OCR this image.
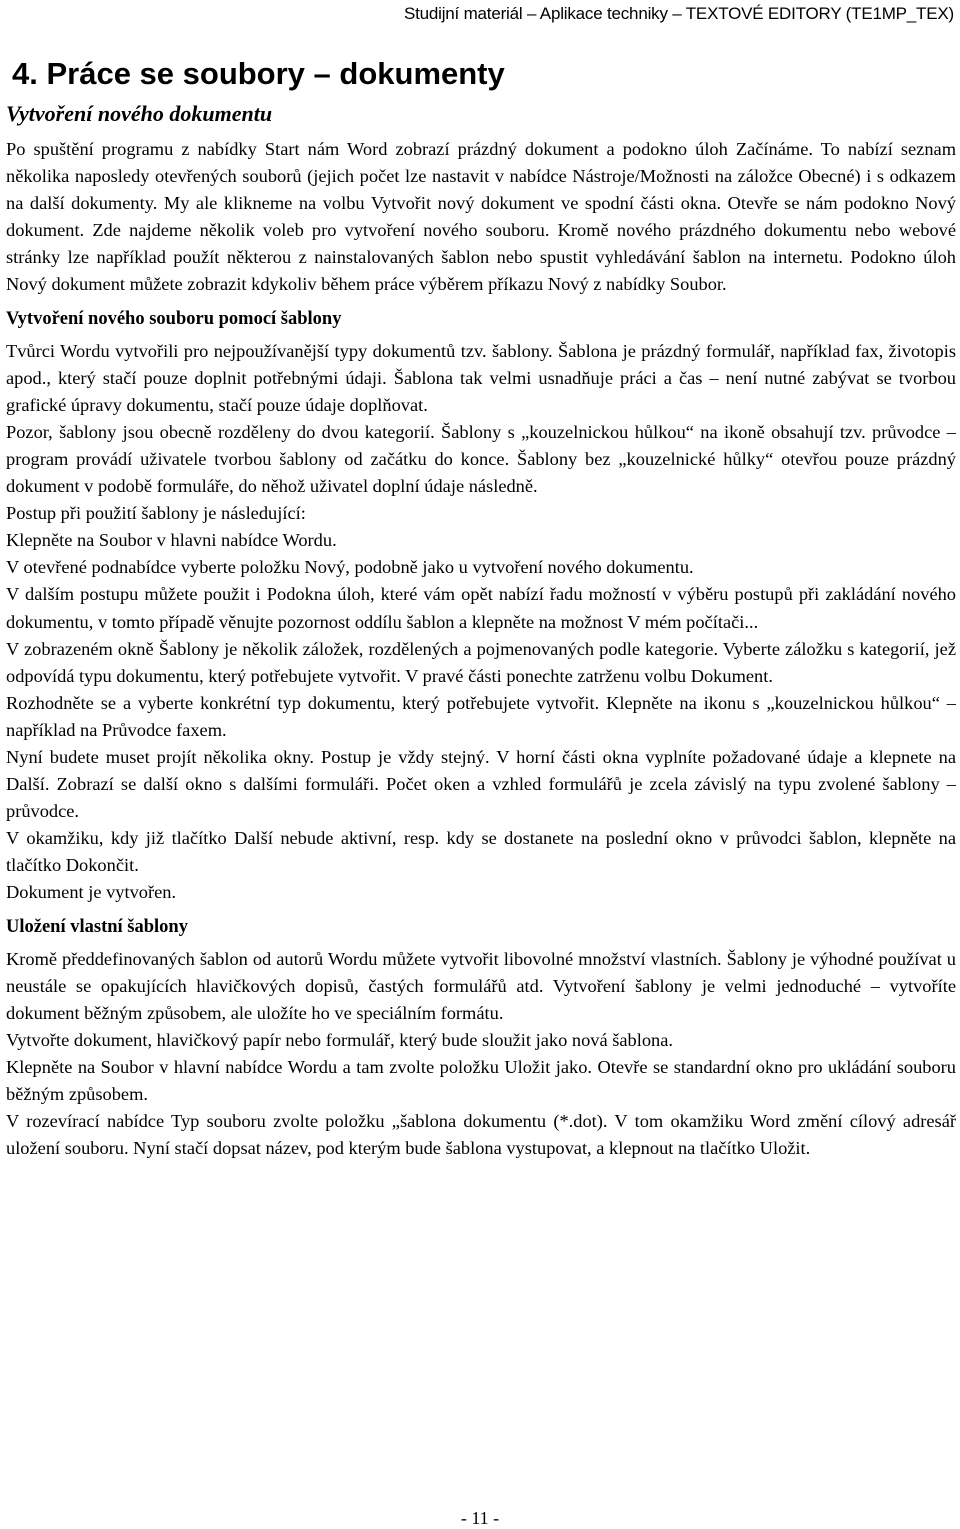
Studijní materiál – Aplikace techniky – TEXTOVÉ EDITORY (TE1MP_TEX)
4. Práce se soubory – dokumenty
Vytvoření nového dokumentu

Po spuštění programu z nabídky Start nám Word zobrazí prázdný dokument a podokno úloh Začínáme. To nabízí seznam několika naposledy otevřených souborů (jejich počet lze nastavit v nabídce Nástroje/Možnosti na záložce Obecné) i s odkazem na další dokumenty. My ale klikneme na volbu Vytvořit nový dokument ve spodní části okna. Otevře se nám podokno Nový dokument. Zde najdeme několik voleb pro vytvoření nového souboru. Kromě nového prázdného dokumentu nebo webové stránky lze například použít některou z nainstalovaných šablon nebo spustit vyhledávání šablon na internetu. Podokno úloh Nový dokument můžete zobrazit kdykoliv během práce výběrem příkazu Nový z nabídky Soubor.

Vytvoření nového souboru pomocí šablony

Tvůrci Wordu vytvořili pro nejpoužívanější typy dokumentů tzv. šablony. Šablona je prázdný formulář, například fax, životopis apod., který stačí pouze doplnit potřebnými údaji. Šablona tak velmi usnadňuje práci a čas – není nutné zabývat se tvorbou grafické úpravy dokumentu, stačí pouze údaje doplňovat.

Pozor, šablony jsou obecně rozděleny do dvou kategorií. Šablony s „kouzelnickou hůlkou“ na ikoně obsahují tzv. průvodce – program provádí uživatele tvorbou šablony od začátku do konce. Šablony bez „kouzelnické hůlky“ otevřou pouze prázdný dokument v podobě formuláře, do něhož uživatel doplní údaje následně.

Postup při použití šablony je následující:

Klepněte na Soubor v hlavni nabídce Wordu.

V otevřené podnabídce vyberte položku Nový, podobně jako u vytvoření nového dokumentu.

V dalším postupu můžete použit i Podokna úloh, které vám opět nabízí řadu možností v výběru postupů při zakládání nového dokumentu, v tomto případě věnujte pozornost oddílu šablon a klepněte na možnost V mém počítači...

V zobrazeném okně Šablony je několik záložek, rozdělených a pojmenovaných podle kategorie. Vyberte záložku s kategorií, jež odpovídá typu dokumentu, který potřebujete vytvořit. V pravé části ponechte zatrženu volbu Dokument.

Rozhodněte se a vyberte konkrétní typ dokumentu, který potřebujete vytvořit. Klepněte na ikonu s „kouzelnickou hůlkou“ – například na Průvodce faxem.

Nyní budete muset projít několika okny. Postup je vždy stejný. V horní části okna vyplníte požadované údaje a klepnete na Další. Zobrazí se další okno s dalšími formuláři. Počet oken a vzhled formulářů je zcela závislý na typu zvolené šablony – průvodce.

V okamžiku, kdy již tlačítko Další nebude aktivní, resp. kdy se dostanete na poslední okno v průvodci šablon, klepněte na tlačítko Dokončit.

Dokument je vytvořen.

Uložení vlastní šablony

Kromě předdefinovaných šablon od autorů Wordu můžete vytvořit libovolné množství vlastních. Šablony je výhodné používat u neustále se opakujících hlavičkových dopisů, častých formulářů atd. Vytvoření šablony je velmi jednoduché – vytvoříte dokument běžným způsobem, ale uložíte ho ve speciálním formátu.

Vytvořte dokument, hlavičkový papír nebo formulář, který bude sloužit jako nová šablona.

Klepněte na Soubor v hlavní nabídce Wordu a tam zvolte položku Uložit jako. Otevře se standardní okno pro ukládání souboru běžným způsobem.

V rozevírací nabídce Typ souboru zvolte položku „šablona dokumentu (*.dot). V tom okamžiku Word změní cílový adresář uložení souboru. Nyní stačí dopsat název, pod kterým bude šablona vystupovat, a klepnout na tlačítko Uložit.

- 11 -
